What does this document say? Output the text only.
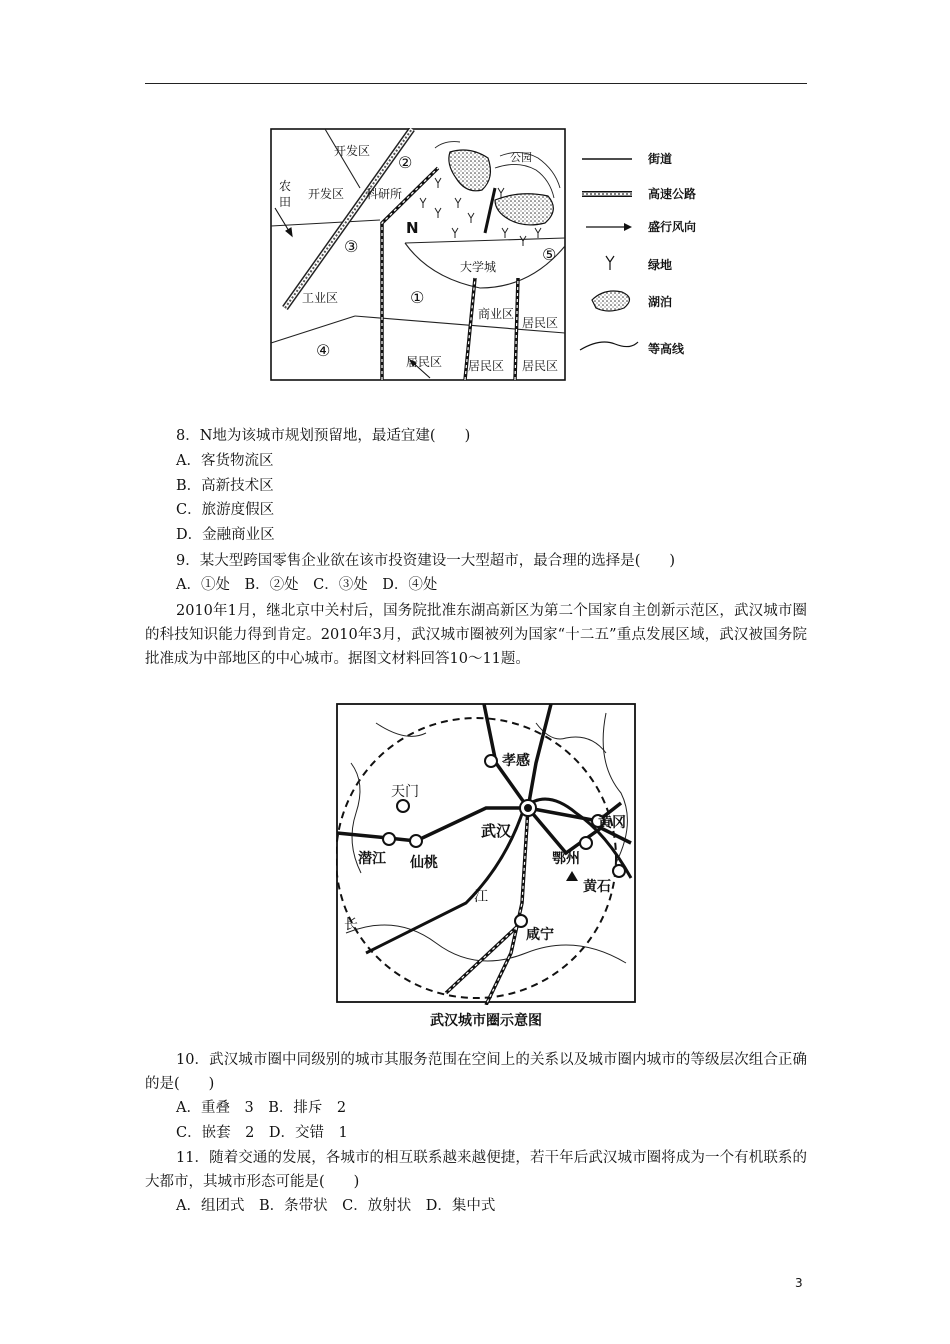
开发区
开发区
农
田
科研所
公园
N
②
③
①
⑤
④
大学城
工业区
商业区
居民区
居民区 居民区 居民区
街道
高速公路
盛行风向
绿地
湖泊
等高线
8．N地为该城市规划预留地，最适宜建(　　)
A．客货物流区
B．高新技术区
C．旅游度假区
D．金融商业区
9．某大型跨国零售企业欲在该市投资建设一大型超市，最合理的选择是(　　)
A．①处　B．②处　C．③处　D．④处
2010年1月，继北京中关村后，国务院批准东湖高新区为第二个国家自主创新示范区，武汉城市圈的科技知识能力得到肯定。2010年3月，武汉城市圈被列为国家“十二五”重点发展区域，武汉被国务院批准成为中部地区的中心城市。据图文材料回答10～11题。
孝感
天门
武汉	黄冈
潜江 仙桃	鄂州
黄石
咸宁
江
长
武汉城市圈示意图
10．武汉城市圈中同级别的城市其服务范围在空间上的关系以及城市圈内城市的等级层次组合正确的是(　　)
A．重叠　3　B．排斥　2
C．嵌套　2　D．交错　1
11．随着交通的发展，各城市的相互联系越来越便捷，若干年后武汉城市圈将成为一个有机联系的大都市，其城市形态可能是(　　)
A．组团式　B．条带状　C．放射状　D．集中式
3
